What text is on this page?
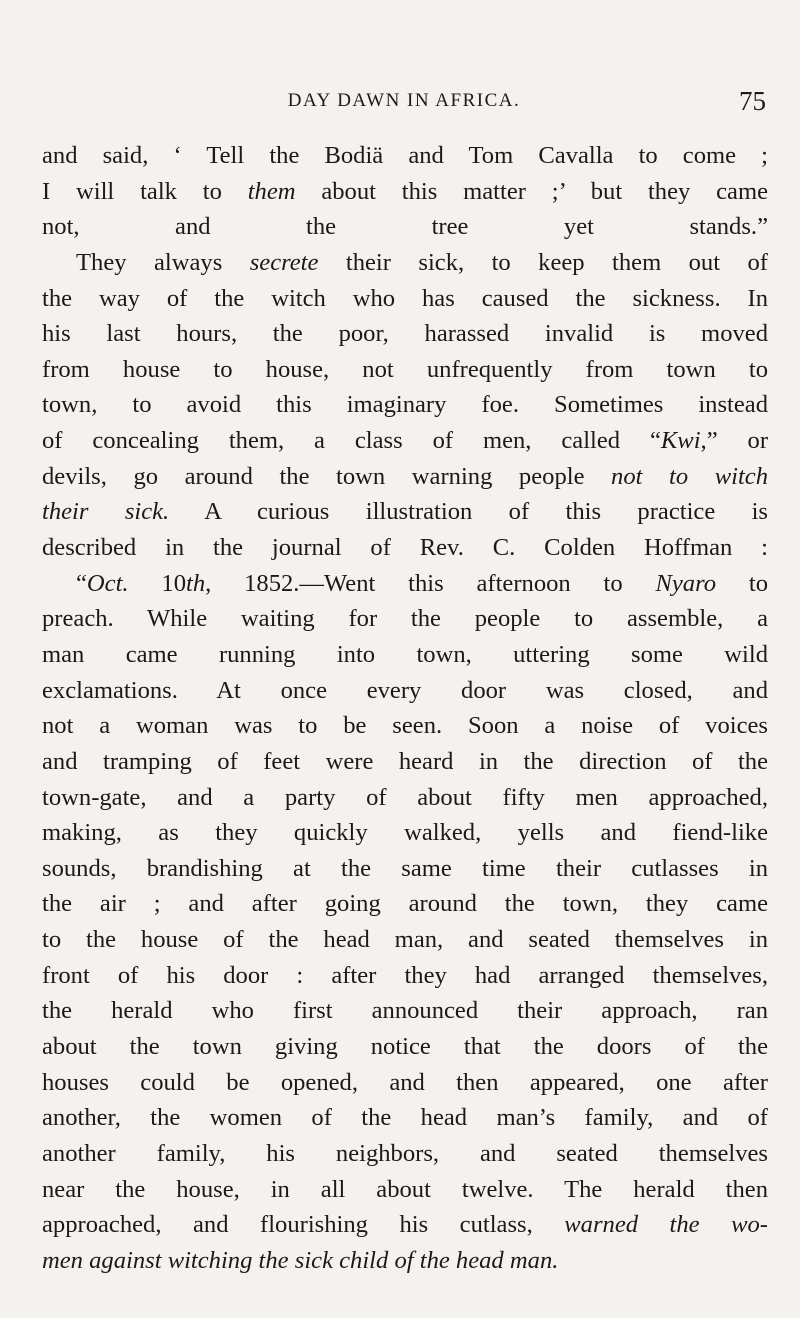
DAY DAWN IN AFRICA.	75
and said, ‘ Tell the Bodiä and Tom Cavalla to come ;
I will talk to them about this matter ;’ but they came
not, and the tree yet stands.”
They always secrete their sick, to keep them out of
the way of the witch who has caused the sickness. In
his last hours, the poor, harassed invalid is moved
from house to house, not unfrequently from town to
town, to avoid this imaginary foe. Sometimes instead
of concealing them, a class of men, called “Kwi,” or
devils, go around the town warning people not to witch
their sick. A curious illustration of this practice is
described in the journal of Rev. C. Colden Hoffman :
“Oct. 10th, 1852.—Went this afternoon to Nyaro to
preach. While waiting for the people to assemble, a
man came running into town, uttering some wild
exclamations. At once every door was closed, and
not a woman was to be seen. Soon a noise of voices
and tramping of feet were heard in the direction of the
town-gate, and a party of about fifty men approached,
making, as they quickly walked, yells and fiend-like
sounds, brandishing at the same time their cutlasses in
the air ; and after going around the town, they came
to the house of the head man, and seated themselves in
front of his door : after they had arranged themselves,
the herald who first announced their approach, ran
about the town giving notice that the doors of the
houses could be opened, and then appeared, one after
another, the women of the head man’s family, and of
another family, his neighbors, and seated themselves
near the house, in all about twelve. The herald then
approached, and flourishing his cutlass, warned the wo-
men against witching the sick child of the head man.
